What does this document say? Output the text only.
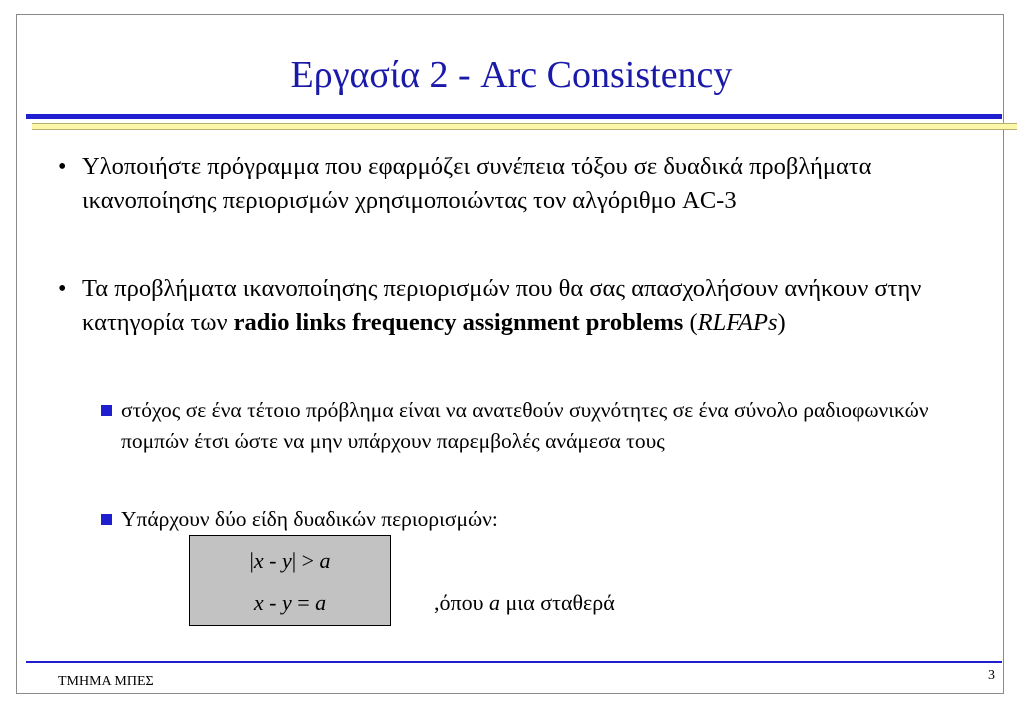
Εργασία 2 - Arc Consistency
• Υλοποιήστε πρόγραμμα που εφαρμόζει συνέπεια τόξου σε δυαδικά προβλήματα ικανοποίησης περιορισμών χρησιμοποιώντας τον αλγόριθμο AC-3
• Τα προβλήματα ικανοποίησης περιορισμών που θα σας απασχολήσουν ανήκουν στην κατηγορία των radio links frequency assignment problems (RLFAPs)
στόχος σε ένα τέτοιο πρόβλημα είναι να ανατεθούν συχνότητες σε ένα σύνολο ραδιοφωνικών πομπών έτσι ώστε να μην υπάρχουν παρεμβολές ανάμεσα τους
Υπάρχουν δύο είδη δυαδικών περιορισμών:
|x - y| > a
x - y = a	,όπου a μια σταθερά
ΤΜΗΜΑ ΜΠΕΣ	3
